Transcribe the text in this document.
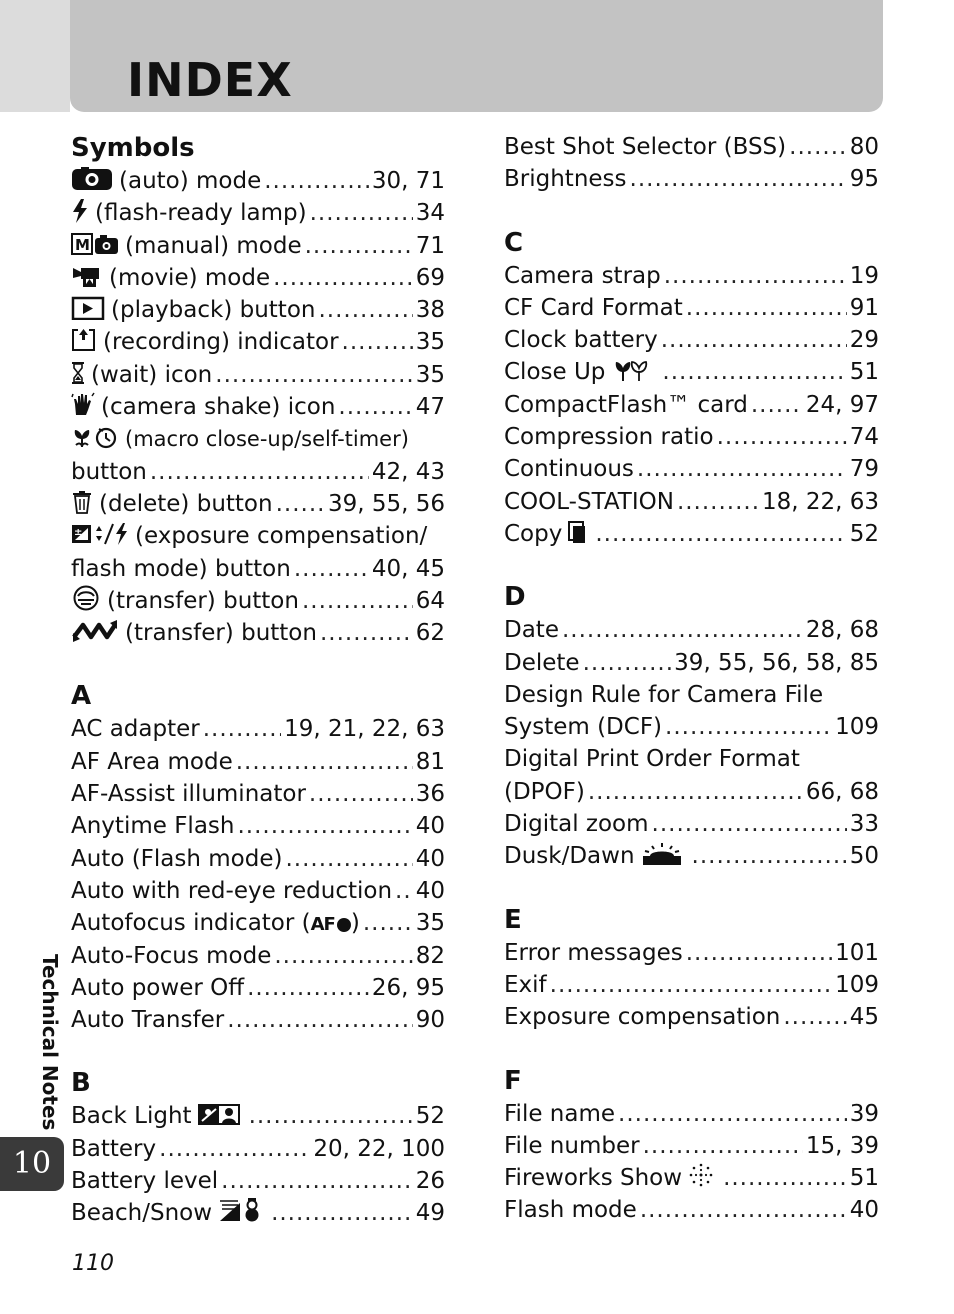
INDEX
Symbols
(auto) mode .....	30, 71
(flash-ready lamp) .....	34
M (manual) mode .....	71
(movie) mode .....	69
(playback) button .....	38
(recording) indicator .....	35
(wait) icon .....	35
(camera shake) icon .....	47
(macro close-up/self-timer)
button .....	42, 43
(delete) button ..... 39, 55, 56
± (exposure compensation/
flash mode) button .....	40, 45
(transfer) button .....	64
(transfer) button .....	62
A
AC adapter .....	19, 21, 22, 63
AF Area mode .....	81
AF-Assist illuminator .....	36
Anytime Flash .....	40
Auto (Flash mode) .....	40
Auto with red-eye reduction ..... 40
Autofocus indicator ( AF ) ..... 35
Auto-Focus mode .....	82
Auto power Off .....	26, 95
Auto Transfer .....	90
B
Back Light .....	52
Battery .....	20, 22, 100
Battery level .....	26
Beach/Snow .....	49
Best Shot Selector (BSS) .....	80
Brightness .....	95
C
Camera strap .....	19
CF Card Format .....	91
Clock battery .....	29
Close Up .....	51
CompactFlash™ card .....	24, 97
Compression ratio .....	74
Continuous .....	79
COOL-STATION .....	18, 22, 63
Copy .....	52
D
Date .....	28, 68
Delete .....	39, 55, 56, 58, 85
Design Rule for Camera File
System (DCF) .....	109
Digital Print Order Format
(DPOF) .....	66, 68
Digital zoom .....	33
Dusk/Dawn .....	50
E
Error messages .....	101
Exif .....	109
Exposure compensation .....	45
F
File name .....	39
File number .....	15, 39
Fireworks Show .....	51
Flash mode .....	40
Technical Notes
10
110
